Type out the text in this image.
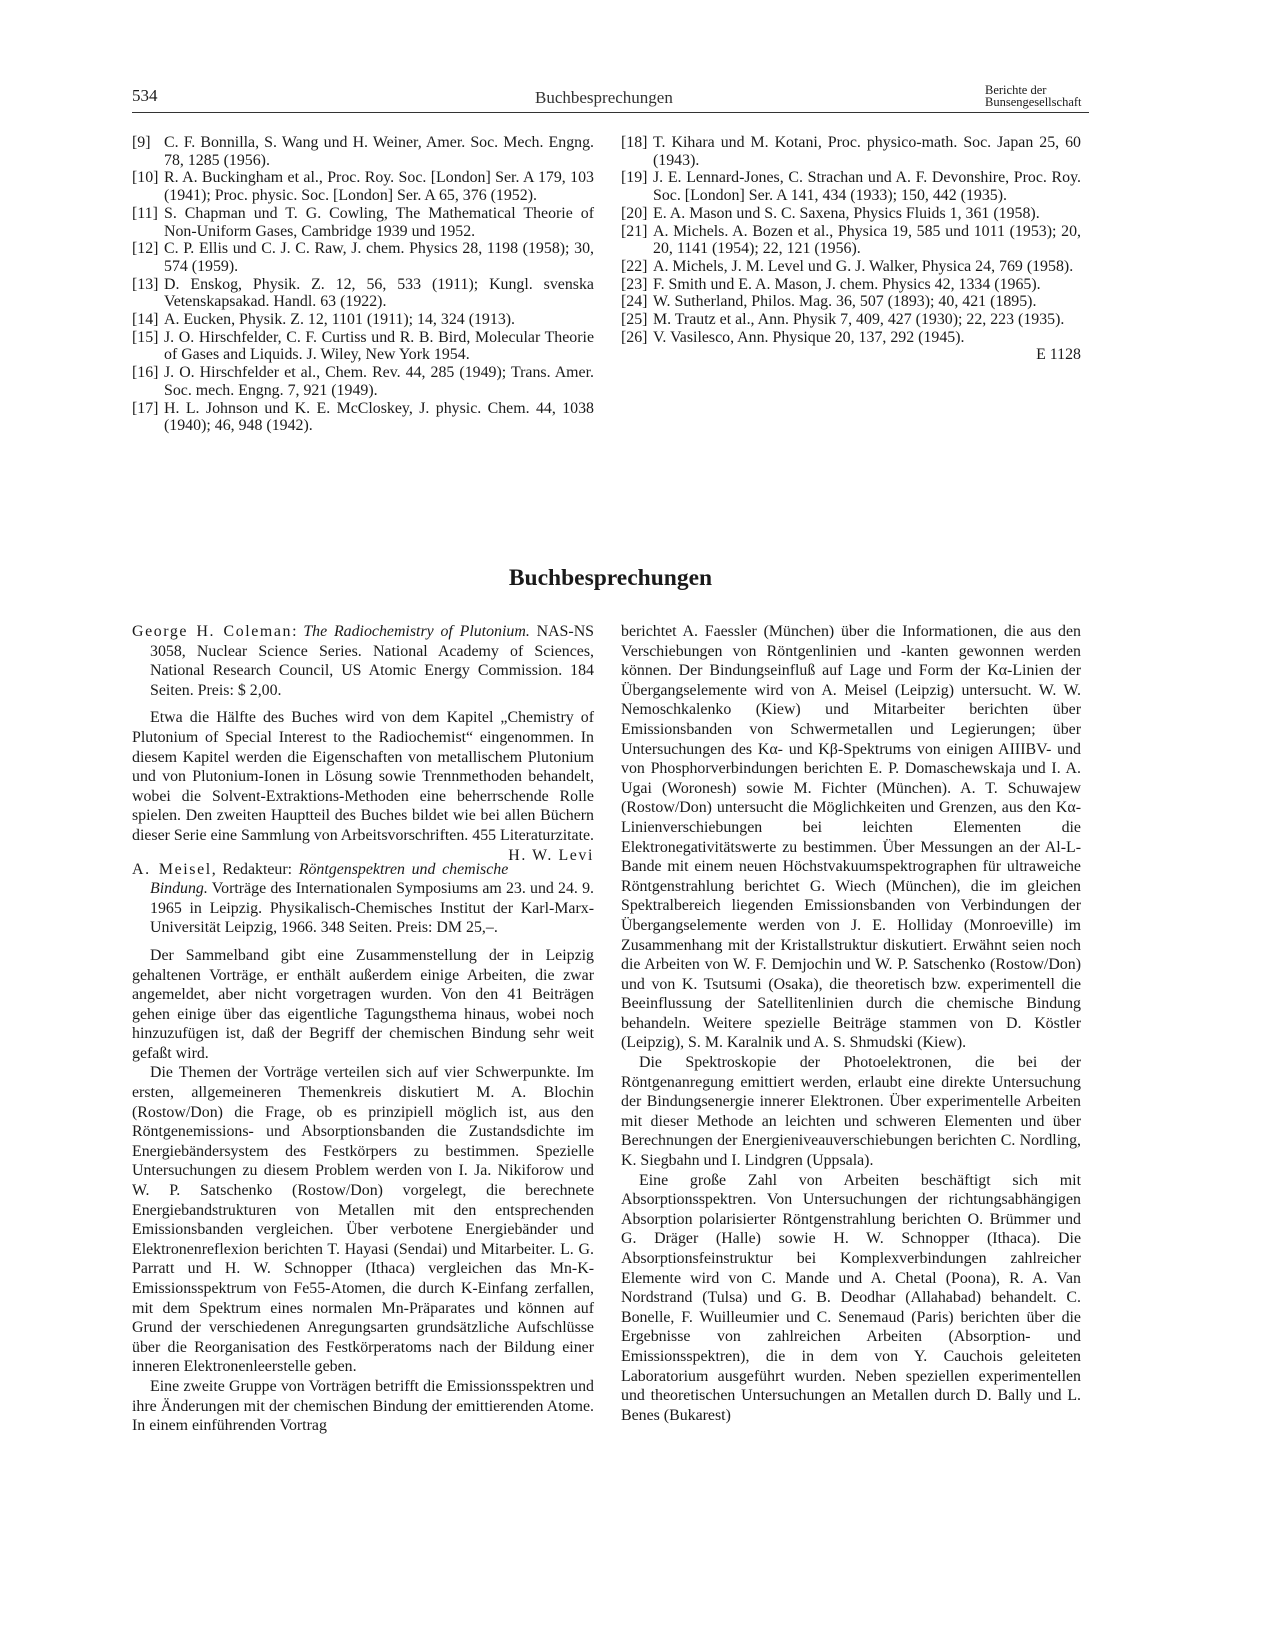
534	Buchbesprechungen	Berichte der
Bunsengesellschaft
[9] C. F. Bonnilla, S. Wang und H. Weiner, Amer. Soc. Mech. Engng. 78, 1285 (1956).
[10] R. A. Buckingham et al., Proc. Roy. Soc. [London] Ser. A 179, 103 (1941); Proc. physic. Soc. [London] Ser. A 65, 376 (1952).
[11] S. Chapman und T. G. Cowling, The Mathematical Theorie of Non-Uniform Gases, Cambridge 1939 und 1952.
[12] C. P. Ellis und C. J. C. Raw, J. chem. Physics 28, 1198 (1958); 30, 574 (1959).
[13] D. Enskog, Physik. Z. 12, 56, 533 (1911); Kungl. svenska Vetenskapsakad. Handl. 63 (1922).
[14] A. Eucken, Physik. Z. 12, 1101 (1911); 14, 324 (1913).
[15] J. O. Hirschfelder, C. F. Curtiss und R. B. Bird, Molecular Theorie of Gases and Liquids. J. Wiley, New York 1954.
[16] J. O. Hirschfelder et al., Chem. Rev. 44, 285 (1949); Trans. Amer. Soc. mech. Engng. 7, 921 (1949).
[17] H. L. Johnson und K. E. McCloskey, J. physic. Chem. 44, 1038 (1940); 46, 948 (1942).
[18] T. Kihara und M. Kotani, Proc. physico-math. Soc. Japan 25, 60 (1943).
[19] J. E. Lennard-Jones, C. Strachan und A. F. Devonshire, Proc. Roy. Soc. [London] Ser. A 141, 434 (1933); 150, 442 (1935).
[20] E. A. Mason und S. C. Saxena, Physics Fluids 1, 361 (1958).
[21] A. Michels. A. Bozen et al., Physica 19, 585 und 1011 (1953); 20, 20, 1141 (1954); 22, 121 (1956).
[22] A. Michels, J. M. Level und G. J. Walker, Physica 24, 769 (1958).
[23] F. Smith und E. A. Mason, J. chem. Physics 42, 1334 (1965).
[24] W. Sutherland, Philos. Mag. 36, 507 (1893); 40, 421 (1895).
[25] M. Trautz et al., Ann. Physik 7, 409, 427 (1930); 22, 223 (1935).
[26] V. Vasilesco, Ann. Physique 20, 137, 292 (1945).
E 1128
Buchbesprechungen

George H. Coleman: The Radiochemistry of Plutonium. NAS-NS 3058, Nuclear Science Series. National Academy of Sciences, National Research Council, US Atomic Energy Commission. 184 Seiten. Preis: $ 2,00.

Etwa die Hälfte des Buches wird von dem Kapitel „Chemistry of Plutonium of Special Interest to the Radiochemist“ eingenommen. In diesem Kapitel werden die Eigenschaften von metallischem Plutonium und von Plutonium-Ionen in Lösung sowie Trennmethoden behandelt, wobei die Solvent-Extraktions-Methoden eine beherrschende Rolle spielen. Den zweiten Hauptteil des Buches bildet wie bei allen Büchern dieser Serie eine Sammlung von Arbeitsvorschriften. 455 Literaturzitate.
H. W. Levi

A. Meisel, Redakteur: Röntgenspektren und chemische Bindung. Vorträge des Internationalen Symposiums am 23. und 24. 9. 1965 in Leipzig. Physikalisch-Chemisches Institut der Karl-Marx-Universität Leipzig, 1966. 348 Seiten. Preis: DM 25,–.

Der Sammelband gibt eine Zusammenstellung der in Leipzig gehaltenen Vorträge, er enthält außerdem einige Arbeiten, die zwar angemeldet, aber nicht vorgetragen wurden. Von den 41 Beiträgen gehen einige über das eigentliche Tagungsthema hinaus, wobei noch hinzuzufügen ist, daß der Begriff der chemischen Bindung sehr weit gefaßt wird.

Die Themen der Vorträge verteilen sich auf vier Schwerpunkte. Im ersten, allgemeineren Themenkreis diskutiert M. A. Blochin (Rostow/Don) die Frage, ob es prinzipiell möglich ist, aus den Röntgenemissions- und Absorptionsbanden die Zustandsdichte im Energiebändersystem des Festkörpers zu bestimmen. Spezielle Untersuchungen zu diesem Problem werden von I. Ja. Nikiforow und W. P. Satschenko (Rostow/Don) vorgelegt, die berechnete Energiebandstrukturen von Metallen mit den entsprechenden Emissionsbanden vergleichen. Über verbotene Energiebänder und Elektronenreflexion berichten T. Hayasi (Sendai) und Mitarbeiter. L. G. Parratt und H. W. Schnopper (Ithaca) vergleichen das Mn-K-Emissionsspektrum von Fe55-Atomen, die durch K-Einfang zerfallen, mit dem Spektrum eines normalen Mn-Präparates und können auf Grund der verschiedenen Anregungsarten grundsätzliche Aufschlüsse über die Reorganisation des Festkörperatoms nach der Bildung einer inneren Elektronenleerstelle geben.

Eine zweite Gruppe von Vorträgen betrifft die Emissionsspektren und ihre Änderungen mit der chemischen Bindung der emittierenden Atome. In einem einführenden Vortrag

berichtet A. Faessler (München) über die Informationen, die aus den Verschiebungen von Röntgenlinien und -kanten gewonnen werden können. Der Bindungseinfluß auf Lage und Form der Kα-Linien der Übergangselemente wird von A. Meisel (Leipzig) untersucht. W. W. Nemoschkalenko (Kiew) und Mitarbeiter berichten über Emissionsbanden von Schwermetallen und Legierungen; über Untersuchungen des Kα- und Kβ-Spektrums von einigen AIIIBV- und von Phosphorverbindungen berichten E. P. Domaschewskaja und I. A. Ugai (Woronesh) sowie M. Fichter (München). A. T. Schuwajew (Rostow/Don) untersucht die Möglichkeiten und Grenzen, aus den Kα-Linienverschiebungen bei leichten Elementen die Elektronegativitätswerte zu bestimmen. Über Messungen an der Al-L-Bande mit einem neuen Höchstvakuumspektrographen für ultraweiche Röntgenstrahlung berichtet G. Wiech (München), die im gleichen Spektralbereich liegenden Emissionsbanden von Verbindungen der Übergangselemente werden von J. E. Holliday (Monroeville) im Zusammenhang mit der Kristallstruktur diskutiert. Erwähnt seien noch die Arbeiten von W. F. Demjochin und W. P. Satschenko (Rostow/Don) und von K. Tsutsumi (Osaka), die theoretisch bzw. experimentell die Beeinflussung der Satellitenlinien durch die chemische Bindung behandeln. Weitere spezielle Beiträge stammen von D. Köstler (Leipzig), S. M. Karalnik und A. S. Shmudski (Kiew).

Die Spektroskopie der Photoelektronen, die bei der Röntgenanregung emittiert werden, erlaubt eine direkte Untersuchung der Bindungsenergie innerer Elektronen. Über experimentelle Arbeiten mit dieser Methode an leichten und schweren Elementen und über Berechnungen der Energieniveauverschiebungen berichten C. Nordling, K. Siegbahn und I. Lindgren (Uppsala).

Eine große Zahl von Arbeiten beschäftigt sich mit Absorptionsspektren. Von Untersuchungen der richtungsabhängigen Absorption polarisierter Röntgenstrahlung berichten O. Brümmer und G. Dräger (Halle) sowie H. W. Schnopper (Ithaca). Die Absorptionsfeinstruktur bei Komplexverbindungen zahlreicher Elemente wird von C. Mande und A. Chetal (Poona), R. A. Van Nordstrand (Tulsa) und G. B. Deodhar (Allahabad) behandelt. C. Bonelle, F. Wuilleumier und C. Senemaud (Paris) berichten über die Ergebnisse von zahlreichen Arbeiten (Absorption- und Emissionsspektren), die in dem von Y. Cauchois geleiteten Laboratorium ausgeführt wurden. Neben speziellen experimentellen und theoretischen Untersuchungen an Metallen durch D. Bally und L. Benes (Bukarest)
